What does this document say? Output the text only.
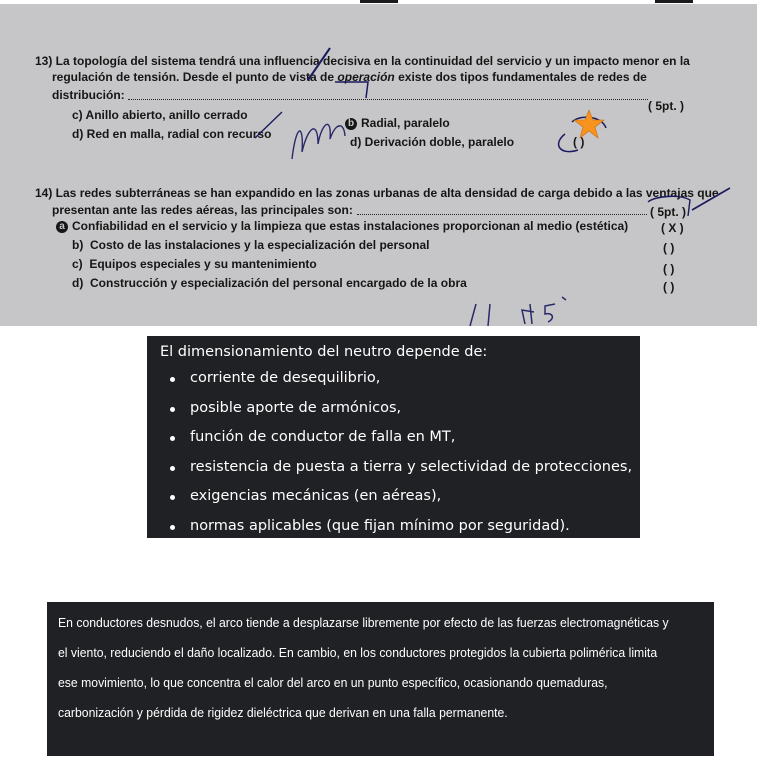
13) La topología del sistema tendrá una influencia decisiva en la continuidad del servicio y un impacto menor en la
regulación de tensión. Desde el punto de vista de operación existe dos tipos fundamentales de redes de
distribución:
( 5pt. )
c) Anillo abierto, anillo cerrado
d) Red en malla, radial con recurso
b Radial, paralelo
d) Derivación doble, paralelo	( )
14) Las redes subterráneas se han expandido en las zonas urbanas de alta densidad de carga debido a las ventajas que
presentan ante las redes aéreas, las principales son:	( 5pt. )
a Confiabilidad en el servicio y la limpieza que estas instalaciones proporcionan al medio (estética)	( X )
b) Costo de las instalaciones y la especialización del personal	( )
c) Equipos especiales y su mantenimiento	( )
d) Construcción y especialización del personal encargado de la obra	( )
El dimensionamiento del neutro depende de:
corriente de desequilibrio,
posible aporte de armónicos,
función de conductor de falla en MT,
resistencia de puesta a tierra y selectividad de protecciones,
exigencias mecánicas (en aéreas),
normas aplicables (que fijan mínimo por seguridad).
En conductores desnudos, el arco tiende a desplazarse libremente por efecto de las fuerzas electromagnéticas y el viento, reduciendo el daño localizado. En cambio, en los conductores protegidos la cubierta polimérica limita ese movimiento, lo que concentra el calor del arco en un punto específico, ocasionando quemaduras, carbonización y pérdida de rigidez dieléctrica que derivan en una falla permanente.
